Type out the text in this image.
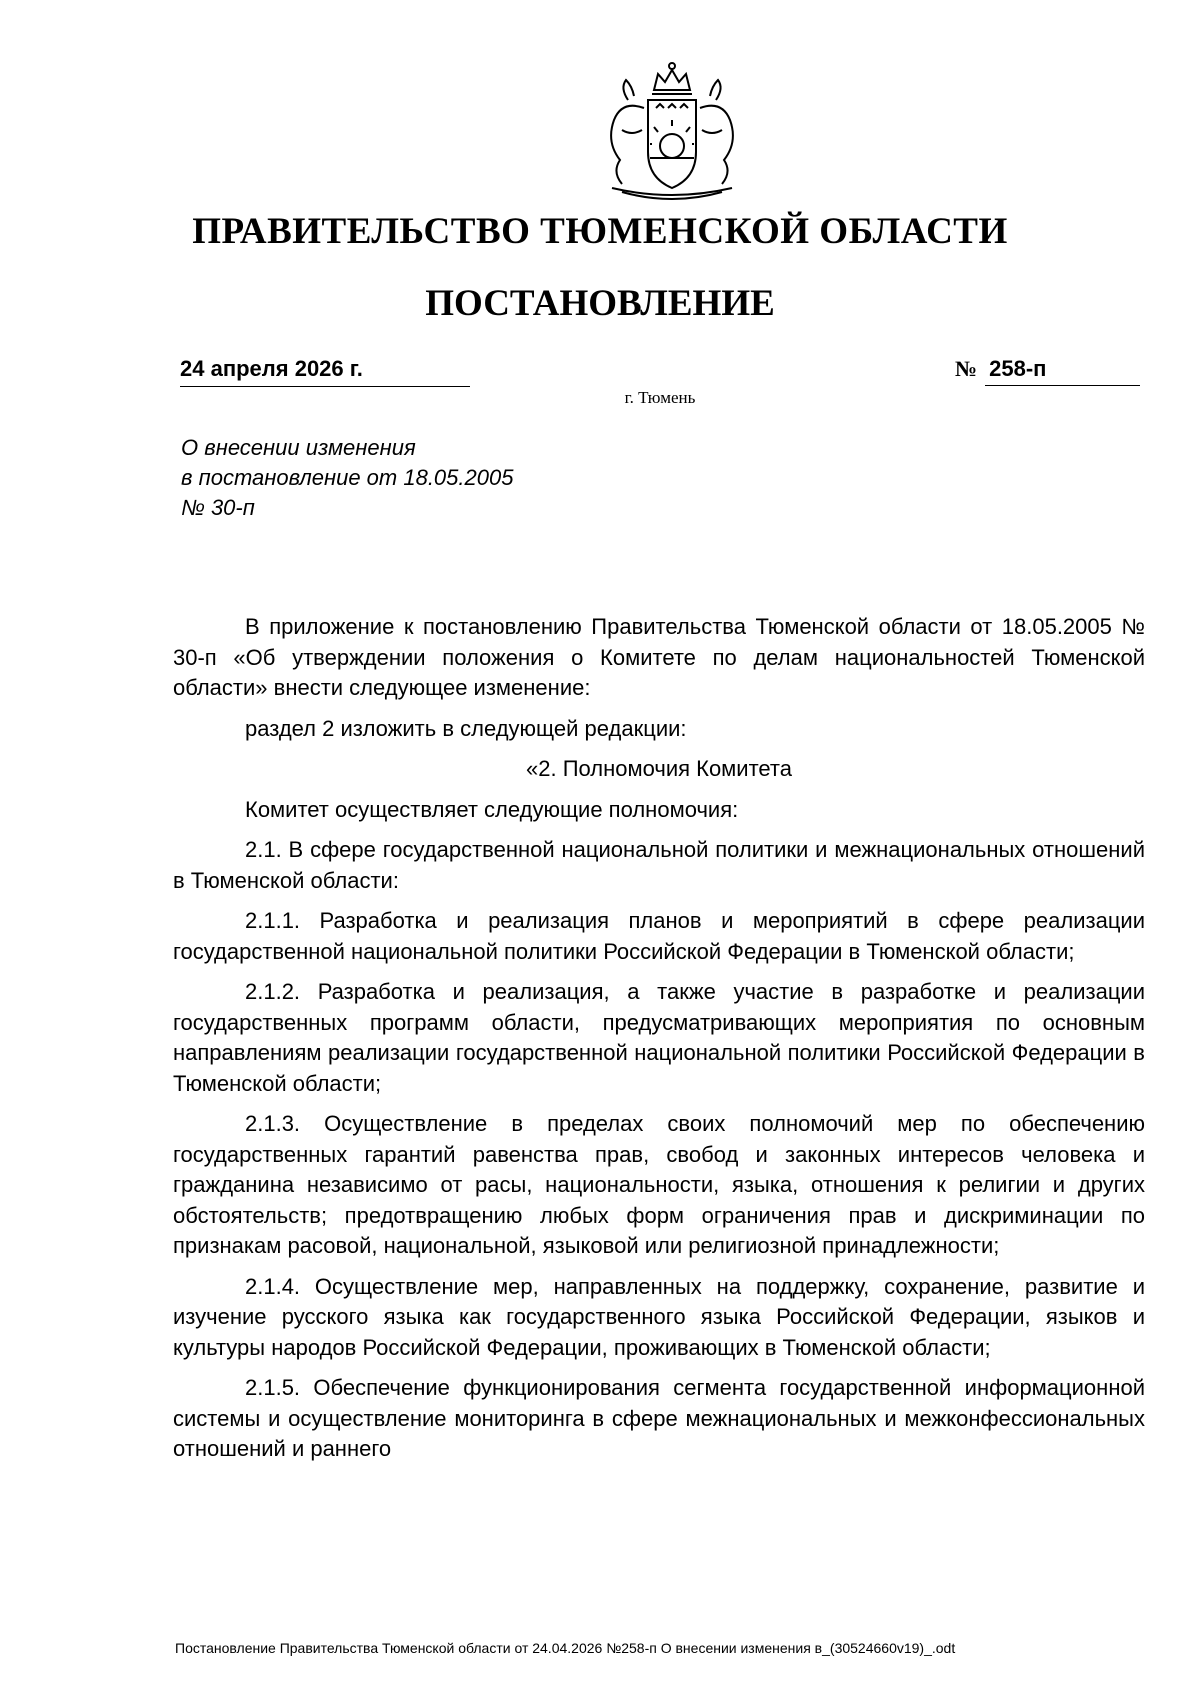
ПРАВИТЕЛЬСТВО ТЮМЕНСКОЙ ОБЛАСТИ
ПОСТАНОВЛЕНИЕ
24 апреля 2026 г.	№ 258-п
г. Тюмень
О внесении изменения
в постановление от 18.05.2005
№ 30-п

В приложение к постановлению Правительства Тюменской области от 18.05.2005 № 30-п «Об утверждении положения о Комитете по делам национальностей Тюменской области» внести следующее изменение:

раздел 2 изложить в следующей редакции:

«2. Полномочия Комитета

Комитет осуществляет следующие полномочия:

2.1. В сфере государственной национальной политики и межнациональных отношений в Тюменской области:

2.1.1. Разработка и реализация планов и мероприятий в сфере реализации государственной национальной политики Российской Федерации в Тюменской области;

2.1.2. Разработка и реализация, а также участие в разработке и реализации государственных программ области, предусматривающих мероприятия по основным направлениям реализации государственной национальной политики Российской Федерации в Тюменской области;

2.1.3. Осуществление в пределах своих полномочий мер по обеспечению государственных гарантий равенства прав, свобод и законных интересов человека и гражданина независимо от расы, национальности, языка, отношения к религии и других обстоятельств; предотвращению любых форм ограничения прав и дискриминации по признакам расовой, национальной, языковой или религиозной принадлежности;

2.1.4. Осуществление мер, направленных на поддержку, сохранение, развитие и изучение русского языка как государственного языка Российской Федерации, языков и культуры народов Российской Федерации, проживающих в Тюменской области;

2.1.5. Обеспечение функционирования сегмента государственной информационной системы и осуществление мониторинга в сфере межнациональных и межконфессиональных отношений и раннего

Постановление Правительства Тюменской области от 24.04.2026 №258-п О внесении изменения в_(30524660v19)_.odt
